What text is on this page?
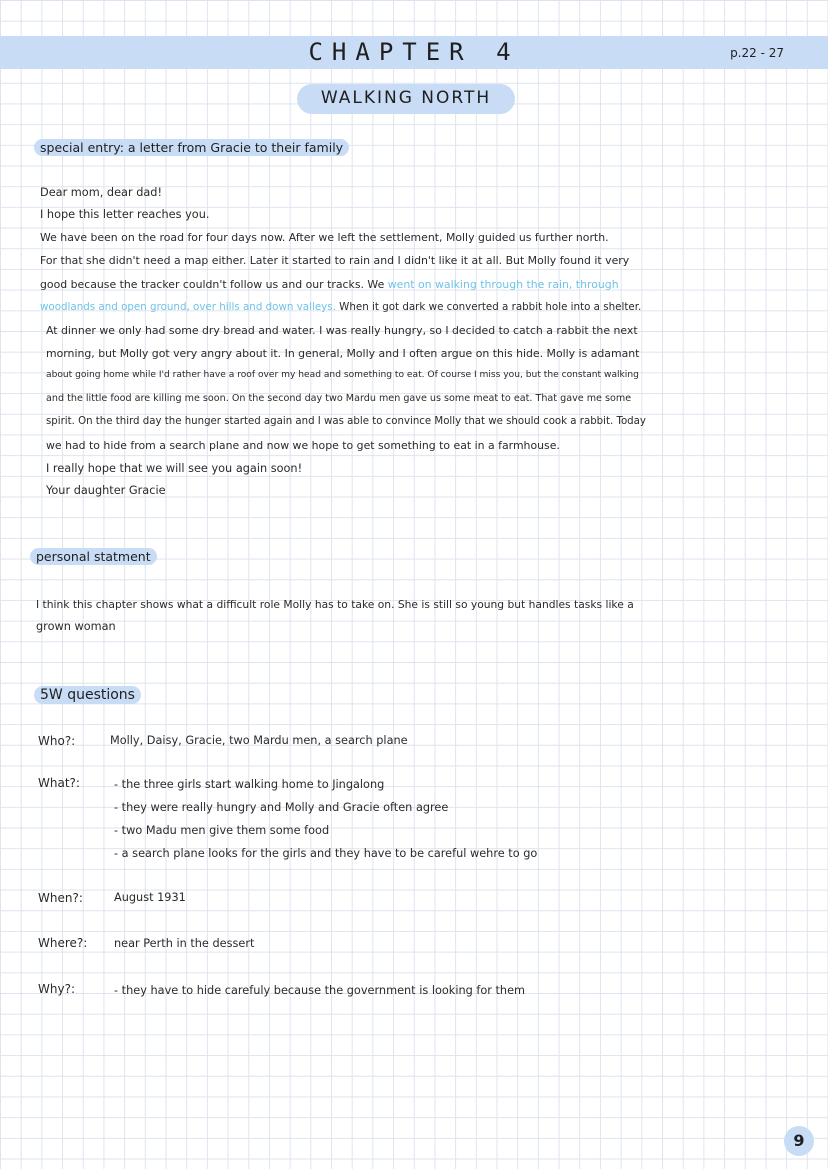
CHAPTER 4	p.22 - 27
WALKING NORTH
special entry: a letter from Gracie to their family
Dear mom, dear dad!
I hope this letter reaches you.
We have been on the road for four days now. After we left the settlement, Molly guided us further north.
For that she didn't need a map either. Later it started to rain and I didn't like it at all. But Molly found it very
good because the tracker couldn't follow us and our tracks. We went on walking through the rain, through
woodlands and open ground, over hills and down valleys. When it got dark we converted a rabbit hole into a shelter.
At dinner we only had some dry bread and water. I was really hungry, so I decided to catch a rabbit the next
morning, but Molly got very angry about it. In general, Molly and I often argue on this hide. Molly is adamant
about going home while I'd rather have a roof over my head and something to eat. Of course I miss you, but the constant walking
and the little food are killing me soon. On the second day two Mardu men gave us some meat to eat. That gave me some
spirit. On the third day the hunger started again and I was able to convince Molly that we should cook a rabbit. Today
we had to hide from a search plane and now we hope to get something to eat in a farmhouse.
I really hope that we will see you again soon!
Your daughter Gracie
personal statment
I think this chapter shows what a difficult role Molly has to take on. She is still so young but handles tasks like a
grown woman
5W questions
Who?:	Molly, Daisy, Gracie, two Mardu men, a search plane
What?:	- the three girls start walking home to Jingalong
- they were really hungry and Molly and Gracie often agree
- two Madu men give them some food
- a search plane looks for the girls and they have to be careful wehre to go
When?:	August 1931
Where?: near Perth in the dessert
Why?:	- they have to hide carefuly because the government is looking for them
9
